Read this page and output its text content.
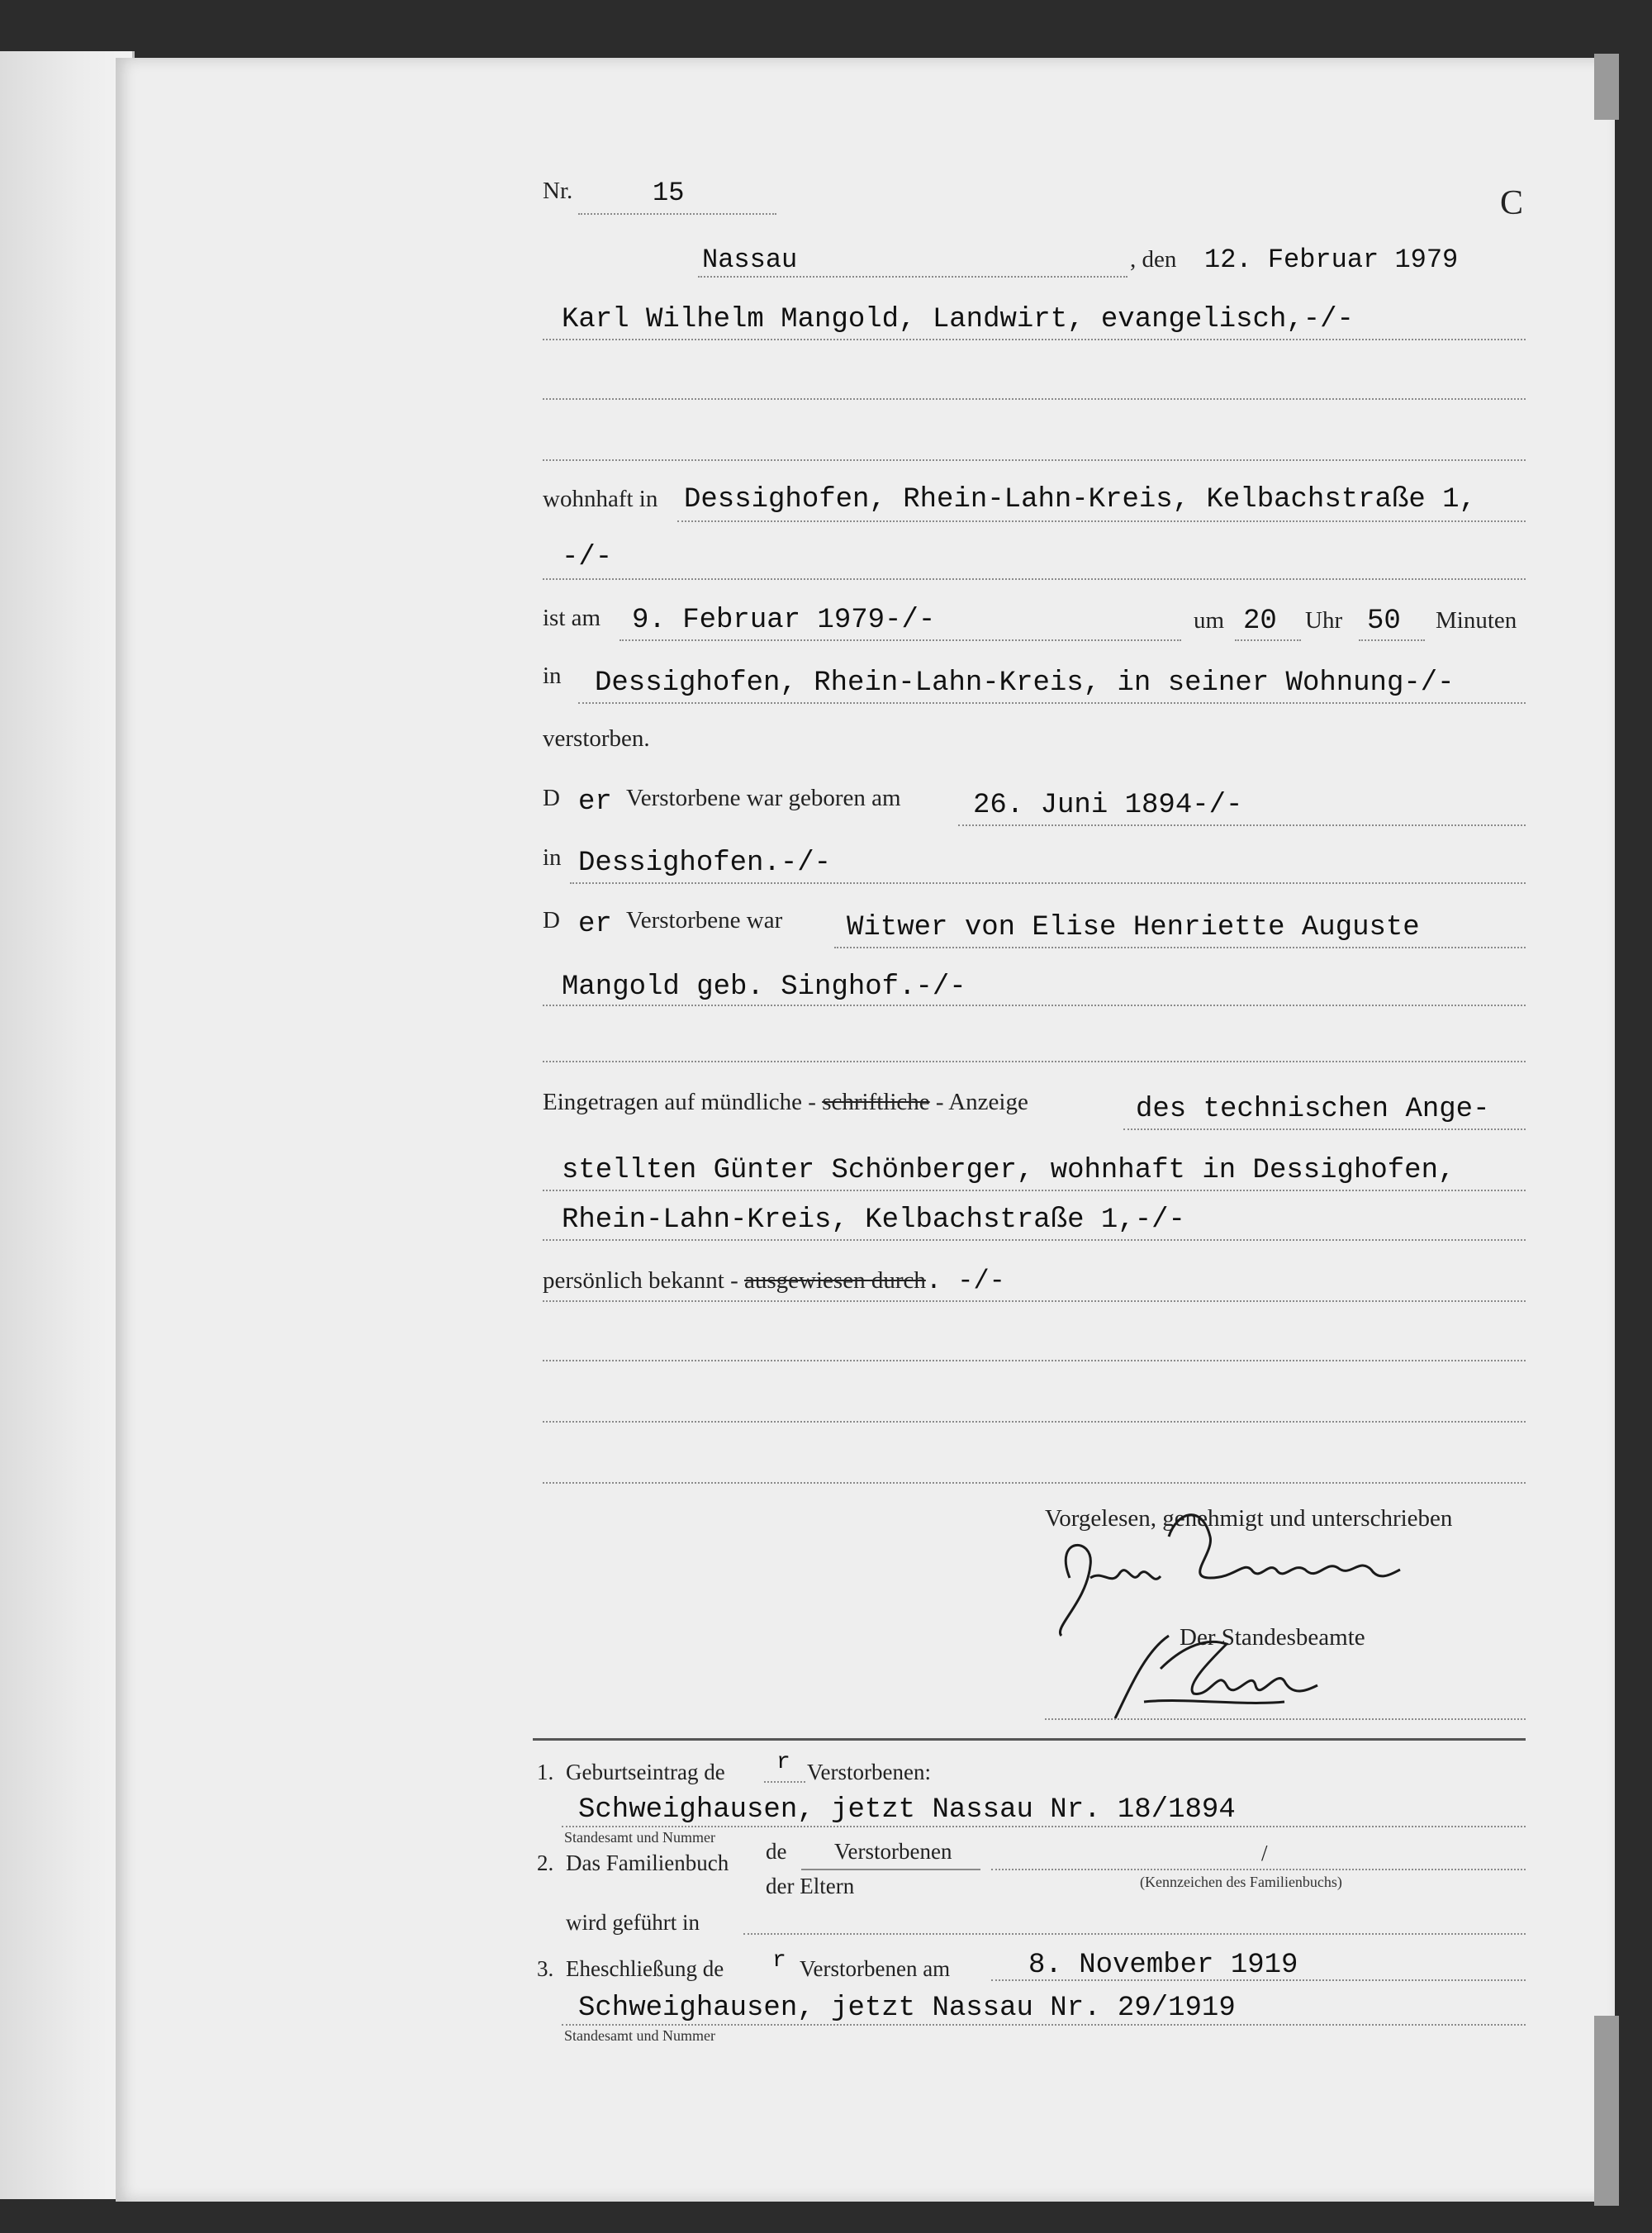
Nr.	15	C
Nassau	, den 12. Februar 1979
Karl Wilhelm Mangold, Landwirt, evangelisch,-/-
wohnhaft in Dessighofen, Rhein-Lahn-Kreis, Kelbachstraße 1,
-/-
ist am 9. Februar 1979-/-	um 20 Uhr 50 Minuten
in Dessighofen, Rhein-Lahn-Kreis, in seiner Wohnung-/-
verstorben.
D er Verstorbene war geboren am	26. Juni 1894-/-
in Dessighofen.-/-
D er Verstorbene war Witwer von Elise Henriette Auguste
Mangold geb. Singhof.-/-
Eingetragen auf mündliche - schriftliche - Anzeige	des technischen Ange-
stellten Günter Schönberger, wohnhaft in Dessighofen,
Rhein-Lahn-Kreis, Kelbachstraße 1,-/-
persönlich bekannt - ausgewiesen durch. -/-
Vorgelesen, genehmigt und unterschrieben
Der Standesbeamte
1. Geburtseintrag de r Verstorbenen:
Schweighausen, jetzt Nassau Nr. 18/1894
Standesamt und Nummer
2. Das Familienbuch de Verstorbenen	/
der Eltern	(Kennzeichen des Familienbuchs)
wird geführt in
3. Eheschließung de r Verstorbenen am	8. November 1919
Schweighausen, jetzt Nassau Nr. 29/1919
Standesamt und Nummer
